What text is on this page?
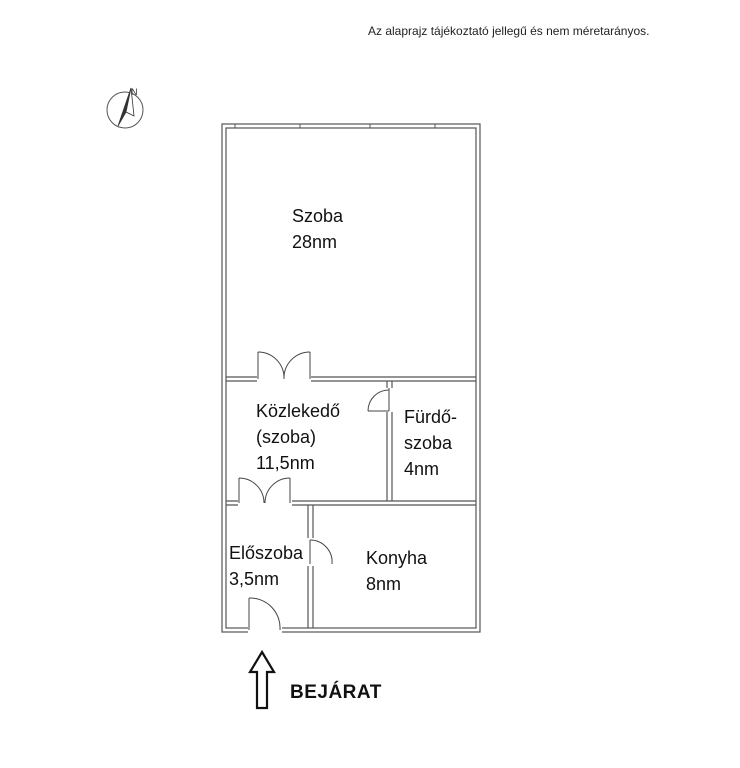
Az alaprajz tájékoztató jellegű és nem méretarányos.
N
Szoba
28nm
Közlekedő
(szoba)
11,5nm
Fürdő-
szoba
4nm
Előszoba
3,5nm
Konyha
8nm
BEJÁRAT
